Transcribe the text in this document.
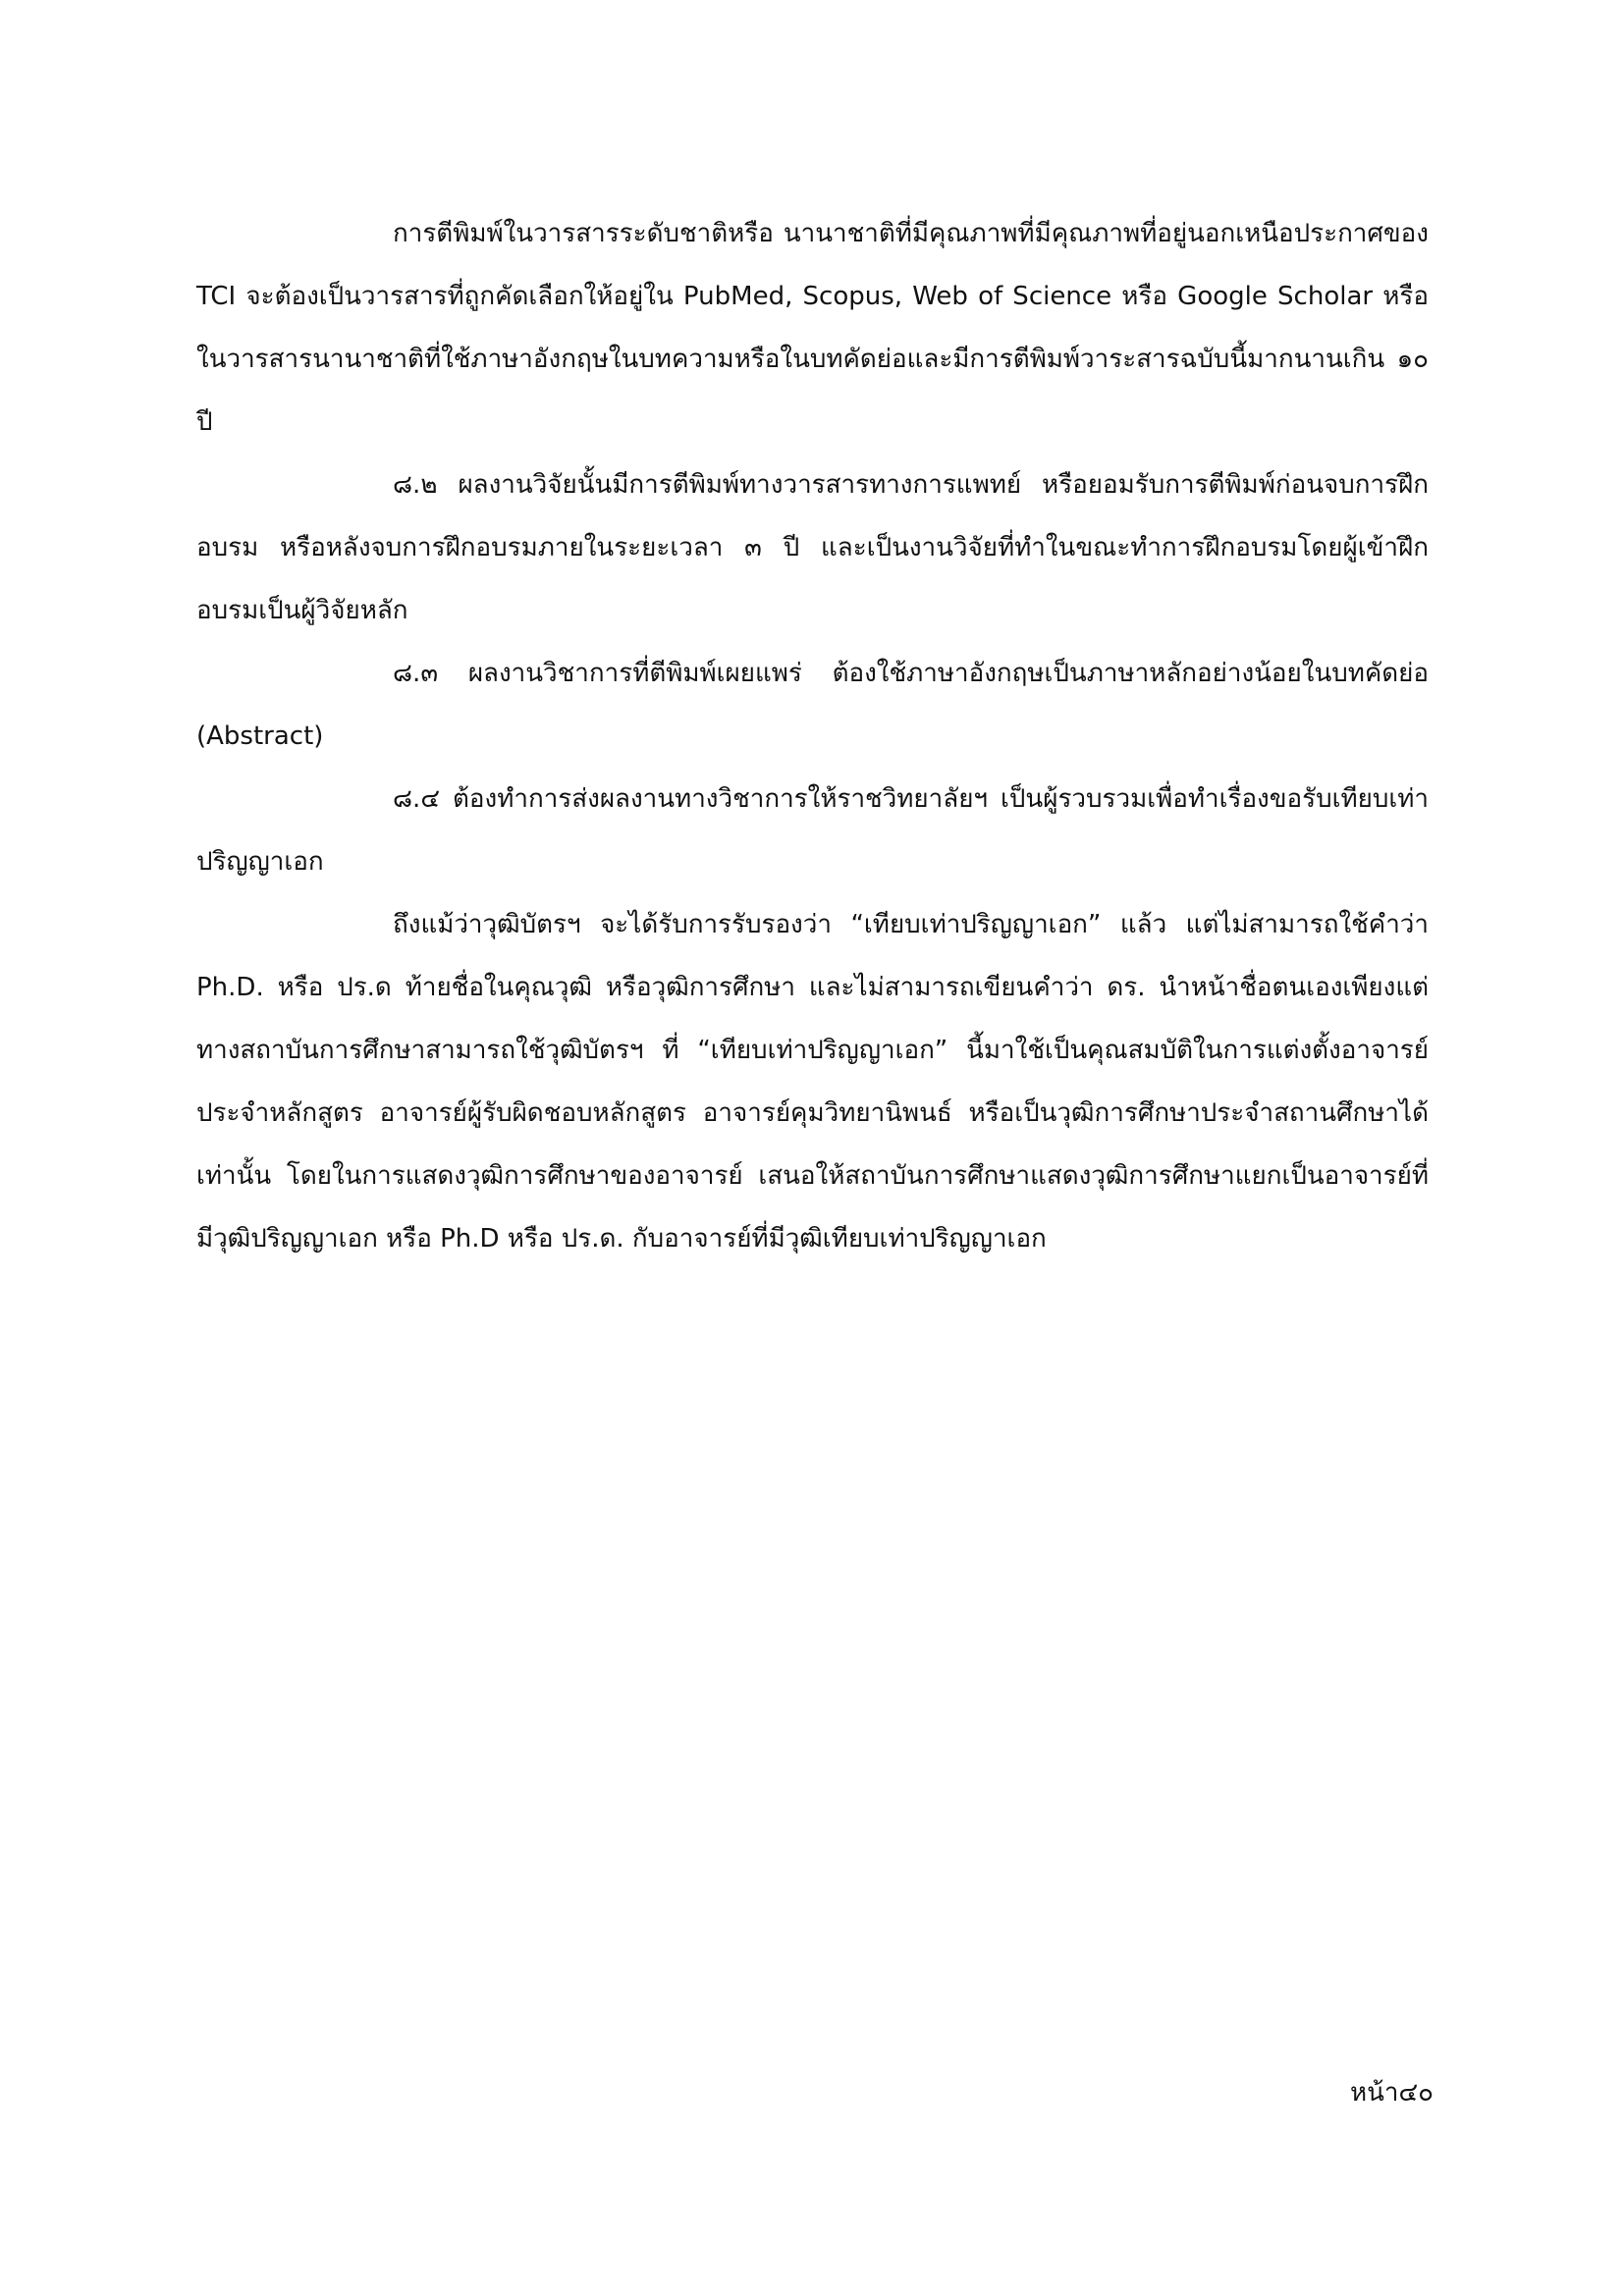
การตีพิมพ์ในวารสารระดับชาติหรือ นานาชาติที่มีคุณภาพที่มีคุณภาพที่อยู่นอกเหนือประกาศของ TCI จะต้องเป็นวารสารที่ถูกคัดเลือกให้อยู่ใน PubMed, Scopus, Web of Science หรือ Google Scholar หรือในวารสารนานาชาติที่ใช้ภาษาอังกฤษในบทความหรือในบทคัดย่อและมีการตีพิมพ์วาระสารฉบับนี้มากนานเกิน ๑๐ ปี

๘.๒ ผลงานวิจัยนั้นมีการตีพิมพ์ทางวารสารทางการแพทย์ หรือยอมรับการตีพิมพ์ก่อนจบการฝึกอบรม หรือหลังจบการฝึกอบรมภายในระยะเวลา ๓ ปี และเป็นงานวิจัยที่ทำในขณะทำการฝึกอบรมโดยผู้เข้าฝึกอบรมเป็นผู้วิจัยหลัก

๘.๓ ผลงานวิชาการที่ตีพิมพ์เผยแพร่ ต้องใช้ภาษาอังกฤษเป็นภาษาหลักอย่างน้อยในบทคัดย่อ (Abstract)

๘.๔ ต้องทำการส่งผลงานทางวิชาการให้ราชวิทยาลัยฯ เป็นผู้รวบรวมเพื่อทำเรื่องขอรับเทียบเท่าปริญญาเอก

ถึงแม้ว่าวุฒิบัตรฯ จะได้รับการรับรองว่า “เทียบเท่าปริญญาเอก” แล้ว แต่ไม่สามารถใช้คำว่า Ph.D. หรือ ปร.ด ท้ายชื่อในคุณวุฒิ หรือวุฒิการศึกษา และไม่สามารถเขียนคำว่า ดร. นำหน้าชื่อตนเองเพียงแต่ทางสถาบันการศึกษาสามารถใช้วุฒิบัตรฯ ที่ “เทียบเท่าปริญญาเอก” นี้มาใช้เป็นคุณสมบัติในการแต่งตั้งอาจารย์ประจำหลักสูตร อาจารย์ผู้รับผิดชอบหลักสูตร อาจารย์คุมวิทยานิพนธ์ หรือเป็นวุฒิการศึกษาประจำสถานศึกษาได้เท่านั้น โดยในการแสดงวุฒิการศึกษาของอาจารย์ เสนอให้สถาบันการศึกษาแสดงวุฒิการศึกษาแยกเป็นอาจารย์ที่มีวุฒิปริญญาเอก หรือ Ph.D หรือ ปร.ด. กับอาจารย์ที่มีวุฒิเทียบเท่าปริญญาเอก

หน้า๔๐
